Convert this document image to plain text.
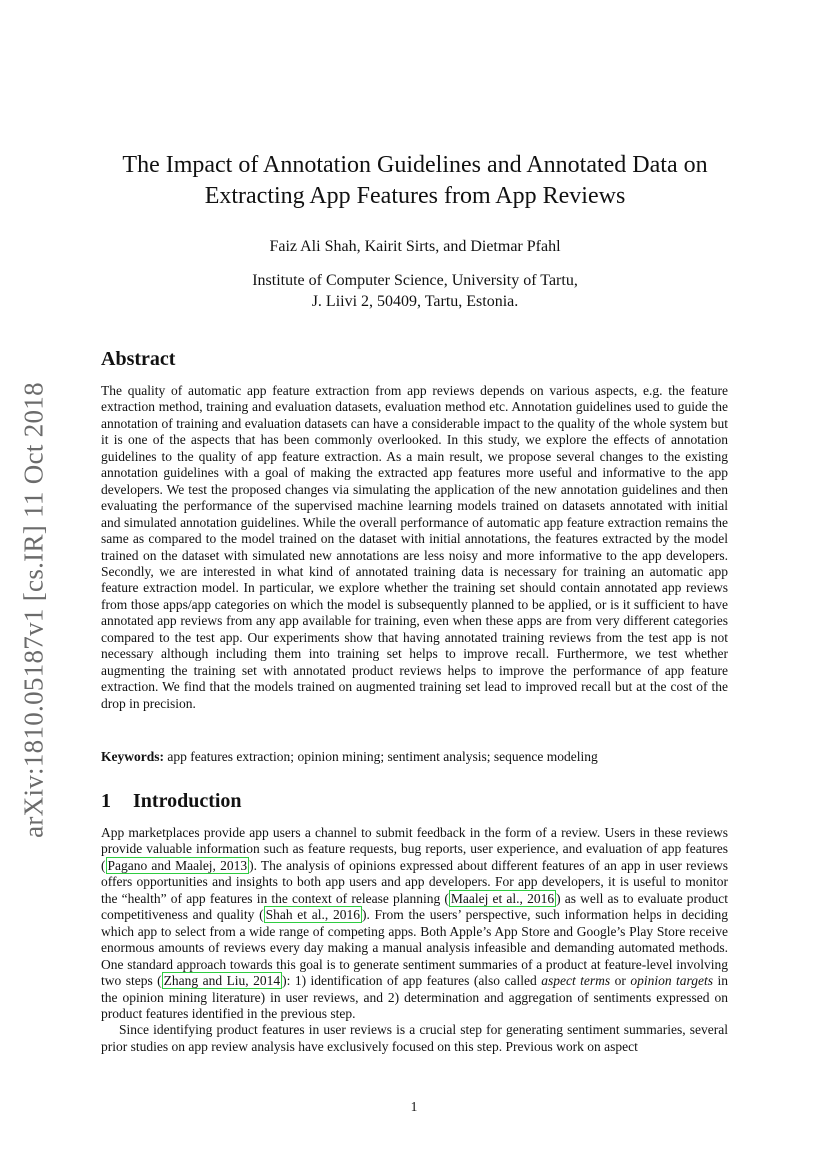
arXiv:1810.05187v1 [cs.IR] 11 Oct 2018
The Impact of Annotation Guidelines and Annotated Data on
Extracting App Features from App Reviews
Faiz Ali Shah, Kairit Sirts, and Dietmar Pfahl
Institute of Computer Science, University of Tartu,
J. Liivi 2, 50409, Tartu, Estonia.
Abstract

The quality of automatic app feature extraction from app reviews depends on various aspects, e.g. the feature extraction method, training and evaluation datasets, evaluation method etc. Annotation guidelines used to guide the annotation of training and evaluation datasets can have a considerable impact to the quality of the whole system but it is one of the aspects that has been commonly overlooked. In this study, we explore the effects of annotation guidelines to the quality of app feature extraction. As a main result, we propose several changes to the existing annotation guidelines with a goal of making the extracted app features more useful and informative to the app developers. We test the proposed changes via simulating the application of the new annotation guidelines and then evaluating the performance of the supervised machine learning models trained on datasets annotated with initial and simulated annotation guidelines. While the overall performance of automatic app feature extraction remains the same as compared to the model trained on the dataset with initial annotations, the features extracted by the model trained on the dataset with simulated new annotations are less noisy and more informative to the app developers. Secondly, we are interested in what kind of annotated training data is necessary for training an automatic app feature extraction model. In particular, we explore whether the training set should contain annotated app reviews from those apps/app categories on which the model is subsequently planned to be applied, or is it sufficient to have annotated app reviews from any app available for training, even when these apps are from very different categories compared to the test app. Our experiments show that having annotated training reviews from the test app is not necessary although including them into training set helps to improve recall. Furthermore, we test whether augmenting the training set with annotated product reviews helps to improve the performance of app feature extraction. We find that the models trained on augmented training set lead to improved recall but at the cost of the drop in precision.

Keywords: app features extraction; opinion mining; sentiment analysis; sequence modeling
1 Introduction

App marketplaces provide app users a channel to submit feedback in the form of a review. Users in these reviews provide valuable information such as feature requests, bug reports, user experience, and evaluation of app features ( Pagano and Maalej, 2013 ). The analysis of opinions expressed about different features of an app in user reviews offers opportunities and insights to both app users and app developers. For app developers, it is useful to monitor the “health” of app features in the context of release planning ( Maalej et al., 2016 ) as well as to evaluate product competitiveness and quality ( Shah et al., 2016 ). From the users’ perspective, such information helps in deciding which app to select from a wide range of competing apps. Both Apple’s App Store and Google’s Play Store receive enormous amounts of reviews every day making a manual analysis infeasible and demanding automated methods. One standard approach towards this goal is to generate sentiment summaries of a product at feature-level involving two steps ( Zhang and Liu, 2014 ): 1) identification of app features (also called aspect terms or opinion targets in the opinion mining literature) in user reviews, and 2) determination and aggregation of sentiments expressed on product features identified in the previous step.

Since identifying product features in user reviews is a crucial step for generating sentiment summaries, several prior studies on app review analysis have exclusively focused on this step. Previous work on aspect

1
